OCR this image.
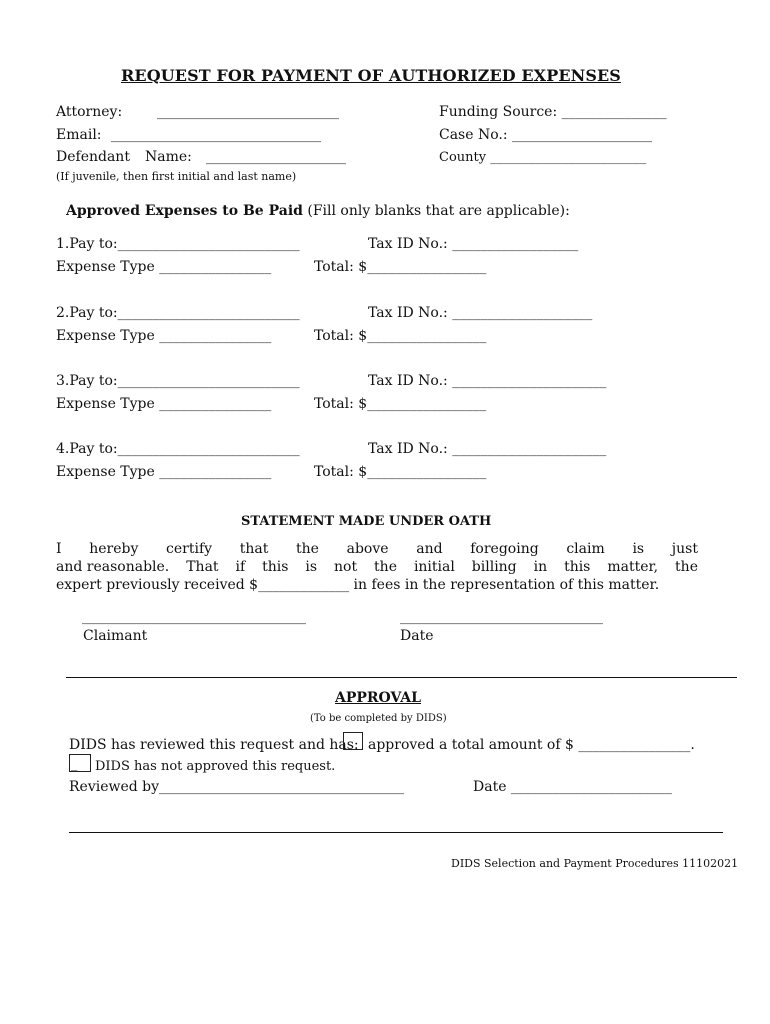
REQUEST FOR PAYMENT OF AUTHORIZED EXPENSES
Attorney: __________________________
Email: ______________________________
Defendant Name: ____________________
(If juvenile, then first initial and last name)
Funding Source: _______________
Case No.: ____________________
County ________________________
Approved Expenses to Be Paid (Fill only blanks that are applicable):
1.Pay to:__________________________	Tax ID No.: __________________
Expense Type ________________	Total: $_________________
2.Pay to:__________________________	Tax ID No.: ____________________
Expense Type ________________	Total: $_________________
3.Pay to:__________________________	Tax ID No.: ______________________
Expense Type ________________	Total: $_________________
4.Pay to:__________________________	Tax ID No.: ______________________
Expense Type ________________	Total: $_________________
STATEMENT MADE UNDER OATH
I hereby certify that the above and foregoing claim is just
and reasonable. That if this is not the initial billing in this matter, the
expert previously received $_____________ in fees in the representation of this matter.
________________________________	_____________________________
Claimant	Date
APPROVAL
(To be completed by DIDS)
DIDS has reviewed this request and has: approved a total amount of $ ________________.
_ DIDS has not approved this request.
Reviewed by___________________________________	Date _______________________
DIDS Selection and Payment Procedures 11102021
